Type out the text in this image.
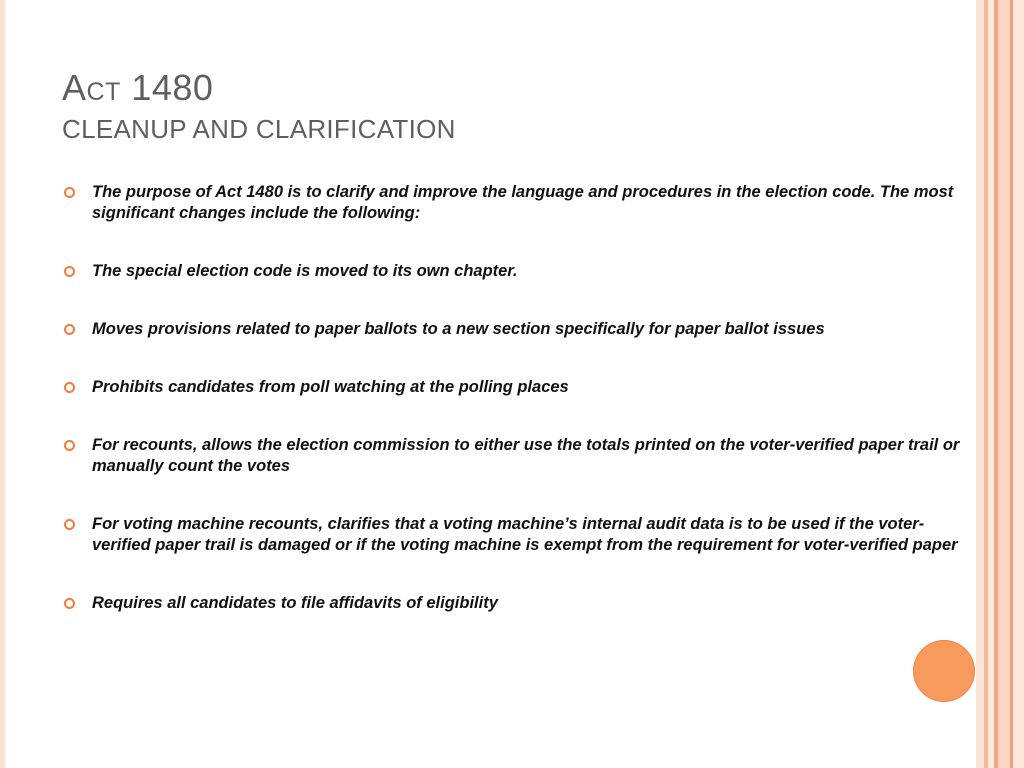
Act 1480
CLEANUP AND CLARIFICATION
The purpose of Act 1480 is to clarify and improve the language and procedures in the election code. The most significant changes include the following:
The special election code is moved to its own chapter.
Moves provisions related to paper ballots to a new section specifically for paper ballot issues
Prohibits candidates from poll watching at the polling places
For recounts, allows the election commission to either use the totals printed on the voter-verified paper trail or manually count the votes
For voting machine recounts, clarifies that a voting machine’s internal audit data is to be used if the voter-verified paper trail is damaged or if the voting machine is exempt from the requirement for voter-verified paper
Requires all candidates to file affidavits of eligibility
